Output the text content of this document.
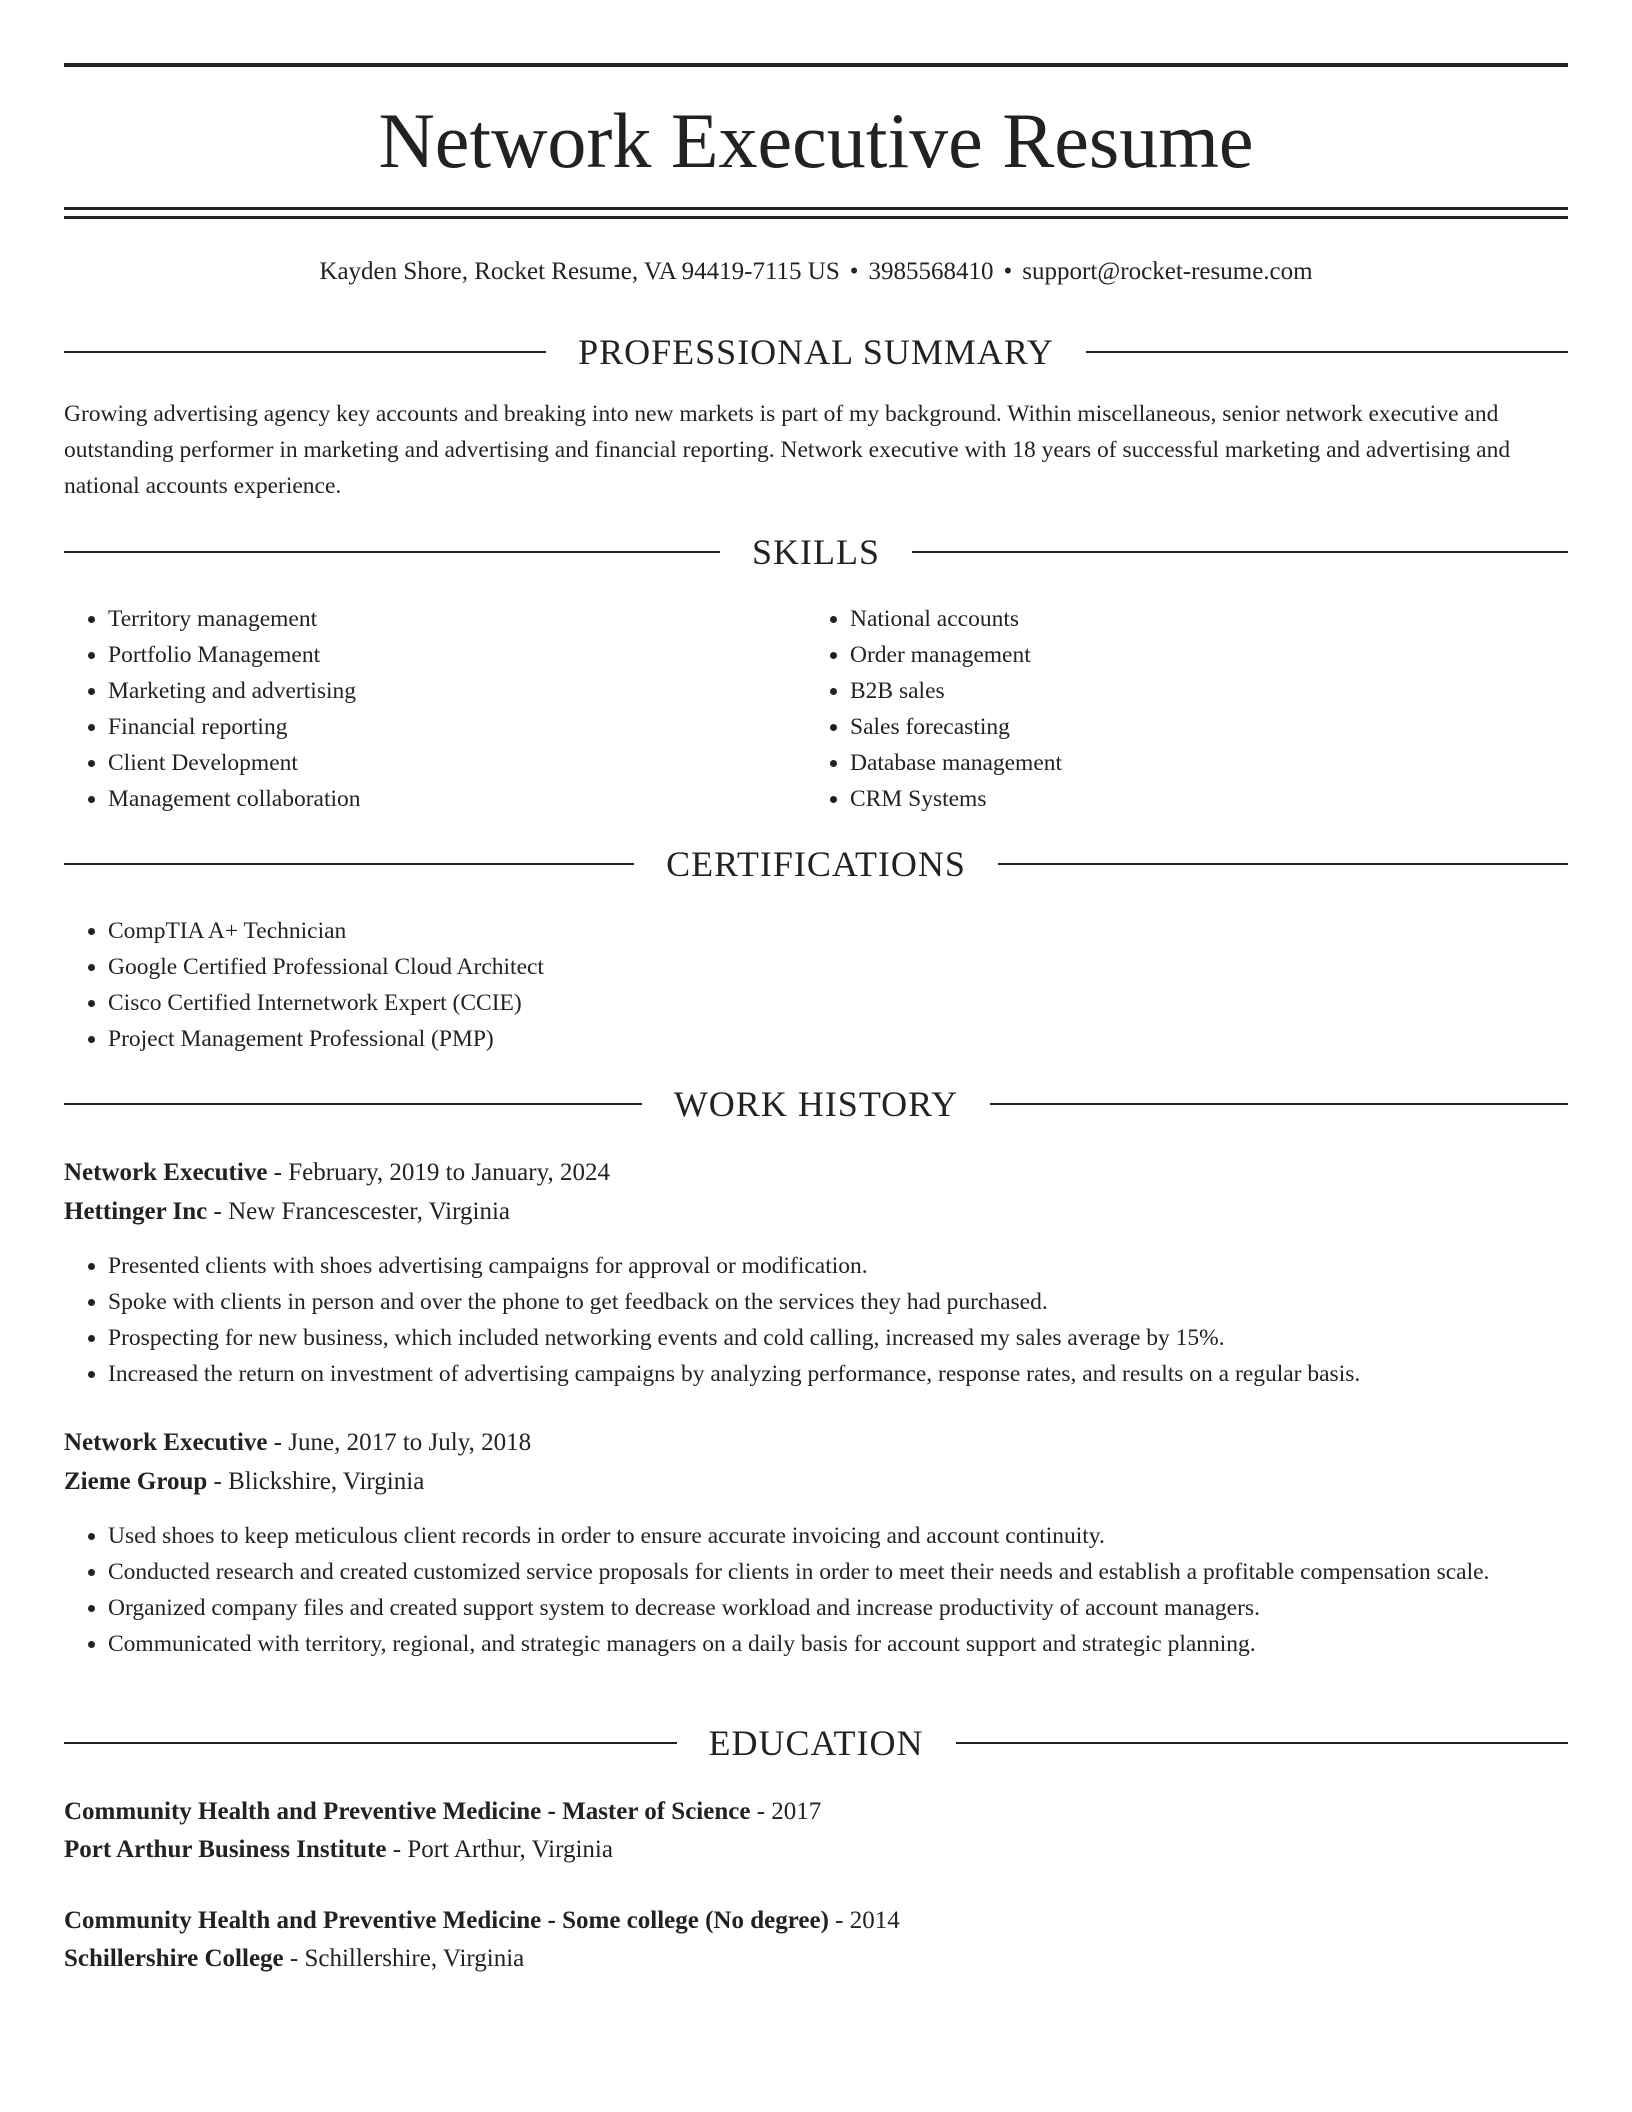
Network Executive Resume
Kayden Shore, Rocket Resume, VA 94419-7115 US • 3985568410 • support@rocket-resume.com
PROFESSIONAL SUMMARY

Growing advertising agency key accounts and breaking into new markets is part of my background. Within miscellaneous, senior network executive and outstanding performer in marketing and advertising and financial reporting. Network executive with 18 years of successful marketing and advertising and national accounts experience.

SKILLS
• Territory management
• Portfolio Management
• Marketing and advertising
• Financial reporting
• Client Development
• Management collaboration
• National accounts
• Order management
• B2B sales
• Sales forecasting
• Database management
• CRM Systems
CERTIFICATIONS
• CompTIA A+ Technician
• Google Certified Professional Cloud Architect
• Cisco Certified Internetwork Expert (CCIE)
• Project Management Professional (PMP)
WORK HISTORY
Network Executive - February, 2019 to January, 2024
Hettinger Inc - New Francescester, Virginia
• Presented clients with shoes advertising campaigns for approval or modification.
• Spoke with clients in person and over the phone to get feedback on the services they had purchased.
• Prospecting for new business, which included networking events and cold calling, increased my sales average by 15%.
• Increased the return on investment of advertising campaigns by analyzing performance, response rates, and results on a regular basis.
Network Executive - June, 2017 to July, 2018
Zieme Group - Blickshire, Virginia
• Used shoes to keep meticulous client records in order to ensure accurate invoicing and account continuity.
• Conducted research and created customized service proposals for clients in order to meet their needs and establish a profitable compensation scale.
• Organized company files and created support system to decrease workload and increase productivity of account managers.
• Communicated with territory, regional, and strategic managers on a daily basis for account support and strategic planning.
EDUCATION
Community Health and Preventive Medicine - Master of Science - 2017
Port Arthur Business Institute - Port Arthur, Virginia
Community Health and Preventive Medicine - Some college (No degree) - 2014
Schillershire College - Schillershire, Virginia
